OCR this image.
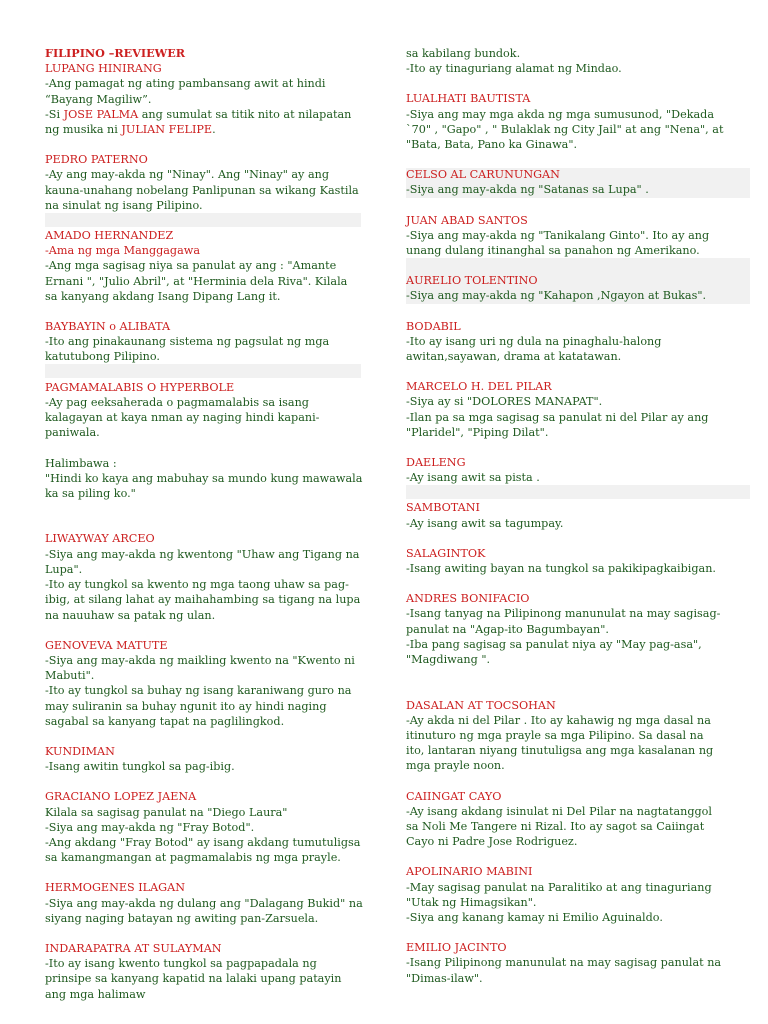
FILIPINO –REVIEWER
LUPANG HINIRANG
-Ang pamagat ng ating pambansang awit at hindi “Bayang Magiliw”.
-Si JOSE PALMA ang sumulat sa titik nito at nilapatan ng musika ni JULIAN FELIPE.
PEDRO PATERNO
-Ay ang may-akda ng "Ninay". Ang "Ninay" ay ang kauna-unahang nobelang Panlipunan sa wikang Kastila na sinulat ng isang Pilipino.
AMADO HERNANDEZ
-Ama ng mga Manggagawa
-Ang mga sagisag niya sa panulat ay ang : "Amante Ernani ", "Julio Abril", at "Herminia dela Riva". Kilala sa kanyang akdang Isang Dipang Lang it.
BAYBAYIN o ALIBATA
-Ito ang pinakaunang sistema ng pagsulat ng mga katutubong Pilipino.
PAGMAMALABIS O HYPERBOLE
-Ay pag eeksaherada o pagmamalabis sa isang kalagayan at kaya nman ay naging hindi kapani-paniwala.

Halimbawa :
"Hindi ko kaya ang mabuhay sa mundo kung mawawala ka sa piling ko."

LIWAYWAY ARCEO
-Siya ang may-akda ng kwentong "Uhaw ang Tigang na Lupa".
-Ito ay tungkol sa kwento ng mga taong uhaw sa pag-ibig, at silang lahat ay maihahambing sa tigang na lupa na nauuhaw sa patak ng ulan.
GENOVEVA MATUTE
-Siya ang may-akda ng maikling kwento na "Kwento ni Mabuti".
-Ito ay tungkol sa buhay ng isang karaniwang guro na may suliranin sa buhay ngunit ito ay hindi naging sagabal sa kanyang tapat na paglilingkod.
KUNDIMAN
-Isang awitin tungkol sa pag-ibig.
GRACIANO LOPEZ JAENA
Kilala sa sagisag panulat na "Diego Laura"
-Siya ang may-akda ng "Fray Botod".
-Ang akdang "Fray Botod" ay isang akdang tumutuligsa sa kamangmangan at pagmamalabis ng mga prayle.
HERMOGENES ILAGAN
-Siya ang may-akda ng dulang ang "Dalagang Bukid" na siyang naging batayan ng awiting pan-Zarsuela.
INDARAPATRA AT SULAYMAN
-Ito ay isang kwento tungkol sa pagpapadala ng prinsipe sa kanyang kapatid na lalaki upang patayin ang mga halimaw
sa kabilang bundok.
-Ito ay tinaguriang alamat ng Mindao.
LUALHATI BAUTISTA
-Siya ang may mga akda ng mga sumusunod, "Dekada `70" , "Gapo" , " Bulaklak ng City Jail" at ang "Nena", at "Bata, Bata, Pano ka Ginawa".
CELSO AL CARUNUNGAN
-Siya ang may-akda ng "Satanas sa Lupa" .
JUAN ABAD SANTOS
-Siya ang may-akda ng "Tanikalang Ginto". Ito ay ang unang dulang itinanghal sa panahon ng Amerikano.
AURELIO TOLENTINO
-Siya ang may-akda ng "Kahapon ,Ngayon at Bukas".
BODABIL
-Ito ay isang uri ng dula na pinaghalu-halong awitan,sayawan, drama at katatawan.
MARCELO H. DEL PILAR
-Siya ay si "DOLORES MANAPAT".
-Ilan pa sa mga sagisag sa panulat ni del Pilar ay ang "Plaridel", "Piping Dilat".
DAELENG
-Ay isang awit sa pista .
SAMBOTANI
-Ay isang awit sa tagumpay.
SALAGINTOK
-Isang awiting bayan na tungkol sa pakikipagkaibigan.
ANDRES BONIFACIO
-Isang tanyag na Pilipinong manunulat na may sagisag-panulat na "Agap-ito Bagumbayan".
-Iba pang sagisag sa panulat niya ay "May pag-asa", "Magdiwang ".

DASALAN AT TOCSOHAN
-Ay akda ni del Pilar . Ito ay kahawig ng mga dasal na itinuturo ng mga prayle sa mga Pilipino. Sa dasal na ito, lantaran niyang tinutuligsa ang mga kasalanan ng mga prayle noon.
CAIINGAT CAYO
-Ay isang akdang isinulat ni Del Pilar na nagtatanggol sa Noli Me Tangere ni Rizal. Ito ay sagot sa Caiingat Cayo ni Padre Jose Rodriguez.
APOLINARIO MABINI
-May sagisag panulat na Paralitiko at ang tinaguriang "Utak ng Himagsikan".
-Siya ang kanang kamay ni Emilio Aguinaldo.
EMILIO JACINTO
-Isang Pilipinong manunulat na may sagisag panulat na "Dimas-ilaw".
